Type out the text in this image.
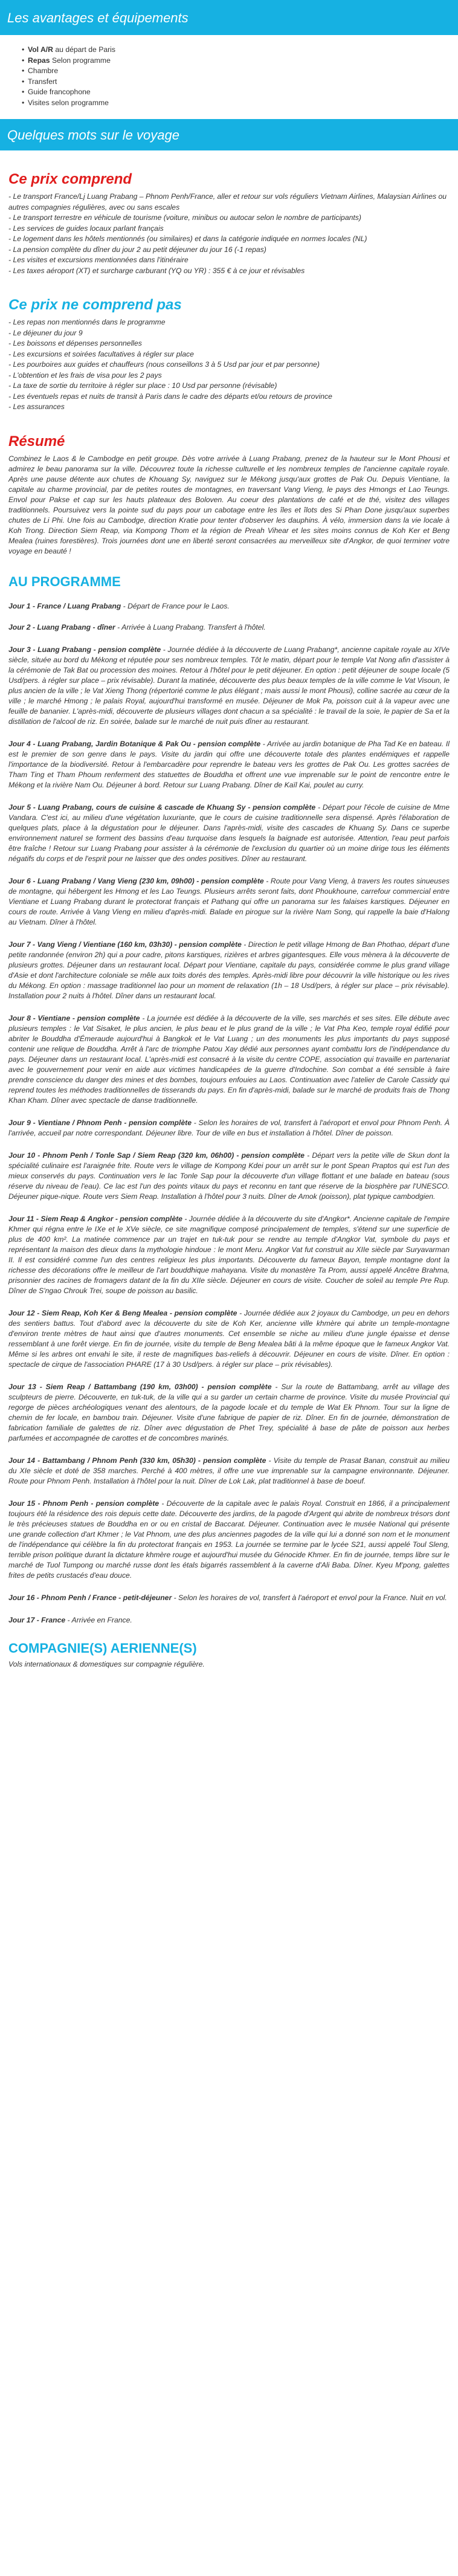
Les avantages et équipements
• Vol A/R au départ de Paris
• Repas Selon programme
• Chambre
• Transfert
• Guide francophone
• Visites selon programme
Quelques mots sur le voyage
Ce prix comprend
- Le transport France/Lj Luang Prabang – Phnom Penh/France, aller et retour sur vols réguliers Vietnam Airlines, Malaysian Airlines ou autres compagnies régulières, avec ou sans escales
- Le transport terrestre en véhicule de tourisme (voiture, minibus ou autocar selon le nombre de participants)
- Les services de guides locaux parlant français
- Le logement dans les hôtels mentionnés (ou similaires) et dans la catégorie indiquée en normes locales (NL)
- La pension complète du dîner du jour 2 au petit déjeuner du jour 16 (-1 repas)
- Les visites et excursions mentionnées dans l'itinéraire
- Les taxes aéroport (XT) et surcharge carburant (YQ ou YR) : 355 € à ce jour et révisables
Ce prix ne comprend pas
- Les repas non mentionnés dans le programme
- Le déjeuner du jour 9
- Les boissons et dépenses personnelles
- Les excursions et soirées facultatives à régler sur place
- Les pourboires aux guides et chauffeurs (nous conseillons 3 à 5 Usd par jour et par personne)
- L'obtention et les frais de visa pour les 2 pays
- La taxe de sortie du territoire à régler sur place : 10 Usd par personne (révisable)
- Les éventuels repas et nuits de transit à Paris dans le cadre des départs et/ou retours de province
- Les assurances
Résumé

Combinez le Laos & le Cambodge en petit groupe. Dès votre arrivée à Luang Prabang, prenez de la hauteur sur le Mont Phousi et admirez le beau panorama sur la ville. Découvrez toute la richesse culturelle et les nombreux temples de l'ancienne capitale royale. Après une pause détente aux chutes de Khouang Sy, naviguez sur le Mékong jusqu'aux grottes de Pak Ou. Depuis Vientiane, la capitale au charme provincial, par de petites routes de montagnes, en traversant Vang Vieng, le pays des Hmongs et Lao Teungs. Envol pour Pakse et cap sur les hauts plateaux des Boloven. Au coeur des plantations de café et de thé, visitez des villages traditionnels. Poursuivez vers la pointe sud du pays pour un cabotage entre les îles et îlots des Si Phan Done jusqu'aux superbes chutes de Li Phi. Une fois au Cambodge, direction Kratie pour tenter d'observer les dauphins. À vélo, immersion dans la vie locale à Koh Trong. Direction Siem Reap, via Kompong Thom et la région de Preah Vihear et les sites moins connus de Koh Ker et Beng Mealea (ruines forestières). Trois journées dont une en liberté seront consacrées au merveilleux site d'Angkor, de quoi terminer votre voyage en beauté !

AU PROGRAMME
Jour 1 - France / Luang Prabang - Départ de France pour le Laos.
Jour 2 - Luang Prabang - dîner - Arrivée à Luang Prabang. Transfert à l'hôtel.
Jour 3 - Luang Prabang - pension complète - Journée dédiée à la découverte de Luang Prabang*, ancienne capitale royale au XIVe siècle, située au bord du Mékong et réputée pour ses nombreux temples. Tôt le matin, départ pour le temple Vat Nong afin d'assister à la cérémonie de Tak Bat ou procession des moines. Retour à l'hôtel pour le petit déjeuner. En option : petit déjeuner de soupe locale (5 Usd/pers. à régler sur place – prix révisable). Durant la matinée, découverte des plus beaux temples de la ville comme le Vat Visoun, le plus ancien de la ville ; le Vat Xieng Thong (répertorié comme le plus élégant ; mais aussi le mont Phousi), colline sacrée au cœur de la ville ; le marché Hmong ; le palais Royal, aujourd'hui transformé en musée. Déjeuner de Mok Pa, poisson cuit à la vapeur avec une feuille de bananier. L'après-midi, découverte de plusieurs villages dont chacun a sa spécialité : le travail de la soie, le papier de Sa et la distillation de l'alcool de riz. En soirée, balade sur le marché de nuit puis dîner au restaurant.
Jour 4 - Luang Prabang, Jardin Botanique & Pak Ou - pension complète - Arrivée au jardin botanique de Pha Tad Ke en bateau. Il est le premier de son genre dans le pays. Visite du jardin qui offre une découverte totale des plantes endémiques et rappelle l'importance de la biodiversité. Retour à l'embarcadère pour reprendre le bateau vers les grottes de Pak Ou. Les grottes sacrées de Tham Ting et Tham Phoum renferment des statuettes de Bouddha et offrent une vue imprenable sur le point de rencontre entre le Mékong et la rivière Nam Ou. Déjeuner à bord. Retour sur Luang Prabang. Dîner de Kaïl Kai, poulet au curry.
Jour 5 - Luang Prabang, cours de cuisine & cascade de Khuang Sy - pension complète - Départ pour l'école de cuisine de Mme Vandara. C'est ici, au milieu d'une végétation luxuriante, que le cours de cuisine traditionnelle sera dispensé. Après l'élaboration de quelques plats, place à la dégustation pour le déjeuner. Dans l'après-midi, visite des cascades de Khuang Sy. Dans ce superbe environnement naturel se forment des bassins d'eau turquoise dans lesquels la baignade est autorisée. Attention, l'eau peut parfois être fraîche ! Retour sur Luang Prabang pour assister à la cérémonie de l'exclusion du quartier où un moine dirige tous les éléments négatifs du corps et de l'esprit pour ne laisser que des ondes positives. Dîner au restaurant.
Jour 6 - Luang Prabang / Vang Vieng (230 km, 09h00) - pension complète - Route pour Vang Vieng, à travers les routes sinueuses de montagne, qui hébergent les Hmong et les Lao Teungs. Plusieurs arrêts seront faits, dont Phoukhoune, carrefour commercial entre Vientiane et Luang Prabang durant le protectorat français et Pathang qui offre un panorama sur les falaises karstiques. Déjeuner en cours de route. Arrivée à Vang Vieng en milieu d'après-midi. Balade en pirogue sur la rivière Nam Song, qui rappelle la baie d'Halong au Vietnam. Dîner à l'hôtel.
Jour 7 - Vang Vieng / Vientiane (160 km, 03h30) - pension complète - Direction le petit village Hmong de Ban Phothao, départ d'une petite randonnée (environ 2h) qui a pour cadre, pitons karstiques, rizières et arbres gigantesques. Elle vous mènera à la découverte de plusieurs grottes. Déjeuner dans un restaurant local. Départ pour Vientiane, capitale du pays, considérée comme le plus grand village d'Asie et dont l'architecture coloniale se mêle aux toits dorés des temples. Après-midi libre pour découvrir la ville historique ou les rives du Mékong. En option : massage traditionnel lao pour un moment de relaxation (1h – 18 Usd/pers, à régler sur place – prix révisable). Installation pour 2 nuits à l'hôtel. Dîner dans un restaurant local.
Jour 8 - Vientiane - pension complète - La journée est dédiée à la découverte de la ville, ses marchés et ses sites. Elle débute avec plusieurs temples : le Vat Sisaket, le plus ancien, le plus beau et le plus grand de la ville ; le Vat Pha Keo, temple royal édifié pour abriter le Bouddha d'Émeraude aujourd'hui à Bangkok et le Vat Luang ; un des monuments les plus importants du pays supposé contenir une relique de Bouddha. Arrêt à l'arc de triomphe Patou Xay dédié aux personnes ayant combattu lors de l'indépendance du pays. Déjeuner dans un restaurant local. L'après-midi est consacré à la visite du centre COPE, association qui travaille en partenariat avec le gouvernement pour venir en aide aux victimes handicapées de la guerre d'Indochine. Son combat a été sensible à faire prendre conscience du danger des mines et des bombes, toujours enfouies au Laos. Continuation avec l'atelier de Carole Cassidy qui reprend toutes les méthodes traditionnelles de tisserands du pays. En fin d'après-midi, balade sur le marché de produits frais de Thong Khan Kham. Dîner avec spectacle de danse traditionnelle.
Jour 9 - Vientiane / Phnom Penh - pension complète - Selon les horaires de vol, transfert à l'aéroport et envol pour Phnom Penh. À l'arrivée, accueil par notre correspondant. Déjeuner libre. Tour de ville en bus et installation à l'hôtel. Dîner de poisson.
Jour 10 - Phnom Penh / Tonle Sap / Siem Reap (320 km, 06h00) - pension complète - Départ vers la petite ville de Skun dont la spécialité culinaire est l'araignée frite. Route vers le village de Kompong Kdei pour un arrêt sur le pont Spean Praptos qui est l'un des mieux conservés du pays. Continuation vers le lac Tonle Sap pour la découverte d'un village flottant et une balade en bateau (sous réserve du niveau de l'eau). Ce lac est l'un des points vitaux du pays et reconnu en tant que réserve de la biosphère par l'UNESCO. Déjeuner pique-nique. Route vers Siem Reap. Installation à l'hôtel pour 3 nuits. Dîner de Amok (poisson), plat typique cambodgien.
Jour 11 - Siem Reap & Angkor - pension complète - Journée dédiée à la découverte du site d'Angkor*. Ancienne capitale de l'empire Khmer qui régna entre le IXe et le XVe siècle, ce site magnifique composé principalement de temples, s'étend sur une superficie de plus de 400 km². La matinée commence par un trajet en tuk-tuk pour se rendre au temple d'Angkor Vat, symbole du pays et représentant la maison des dieux dans la mythologie hindoue : le mont Meru. Angkor Vat fut construit au XIIe siècle par Suryavarman II. Il est considéré comme l'un des centres religieux les plus importants. Découverte du fameux Bayon, temple montagne dont la richesse des décorations offre le meilleur de l'art bouddhique mahayana. Visite du monastère Ta Prom, aussi appelé Ancêtre Brahma, prisonnier des racines de fromagers datant de la fin du XIIe siècle. Déjeuner en cours de visite. Coucher de soleil au temple Pre Rup. Dîner de S'ngao Chrouk Trei, soupe de poisson au basilic.
Jour 12 - Siem Reap, Koh Ker & Beng Mealea - pension complète - Journée dédiée aux 2 joyaux du Cambodge, un peu en dehors des sentiers battus. Tout d'abord avec la découverte du site de Koh Ker, ancienne ville khmère qui abrite un temple-montagne d'environ trente mètres de haut ainsi que d'autres monuments. Cet ensemble se niche au milieu d'une jungle épaisse et dense ressemblant à une forêt vierge. En fin de journée, visite du temple de Beng Mealea bâti à la même époque que le fameux Angkor Vat. Même si les arbres ont envahi le site, il reste de magnifiques bas-reliefs à découvrir. Déjeuner en cours de visite. Dîner. En option : spectacle de cirque de l'association PHARE (17 à 30 Usd/pers. à régler sur place – prix révisables).
Jour 13 - Siem Reap / Battambang (190 km, 03h00) - pension complète - Sur la route de Battambang, arrêt au village des sculpteurs de pierre. Découverte, en tuk-tuk, de la ville qui a su garder un certain charme de province. Visite du musée Provincial qui regorge de pièces archéologiques venant des alentours, de la pagode locale et du temple de Wat Ek Phnom. Tour sur la ligne de chemin de fer locale, en bambou train. Déjeuner. Visite d'une fabrique de papier de riz. Dîner. En fin de journée, démonstration de fabrication familiale de galettes de riz. Dîner avec dégustation de Phet Trey, spécialité à base de pâte de poisson aux herbes parfumées et accompagnée de carottes et de concombres marinés.
Jour 14 - Battambang / Phnom Penh (330 km, 05h30) - pension complète - Visite du temple de Prasat Banan, construit au milieu du XIe siècle et doté de 358 marches. Perché à 400 mètres, il offre une vue imprenable sur la campagne environnante. Déjeuner. Route pour Phnom Penh. Installation à l'hôtel pour la nuit. Dîner de Lok Lak, plat traditionnel à base de boeuf.
Jour 15 - Phnom Penh - pension complète - Découverte de la capitale avec le palais Royal. Construit en 1866, il a principalement toujours été la résidence des rois depuis cette date. Découverte des jardins, de la pagode d'Argent qui abrite de nombreux trésors dont le très précieuses statues de Bouddha en or ou en cristal de Baccarat. Déjeuner. Continuation avec le musée National qui présente une grande collection d'art Khmer ; le Vat Phnom, une des plus anciennes pagodes de la ville qui lui a donné son nom et le monument de l'indépendance qui célèbre la fin du protectorat français en 1953. La journée se termine par le lycée S21, aussi appelé Toul Sleng, terrible prison politique durant la dictature khmère rouge et aujourd'hui musée du Génocide Khmer. En fin de journée, temps libre sur le marché de Tuol Tumpong ou marché russe dont les étals bigarrés rassemblent à la caverne d'Ali Baba. Dîner. Kyeu M'pong, galettes frites de petits crustacés d'eau douce.
Jour 16 - Phnom Penh / France - petit-déjeuner - Selon les horaires de vol, transfert à l'aéroport et envol pour la France. Nuit en vol.
Jour 17 - France - Arrivée en France.
COMPAGNIE(S) AERIENNE(S)

Vols internationaux & domestiques sur compagnie régulière.
